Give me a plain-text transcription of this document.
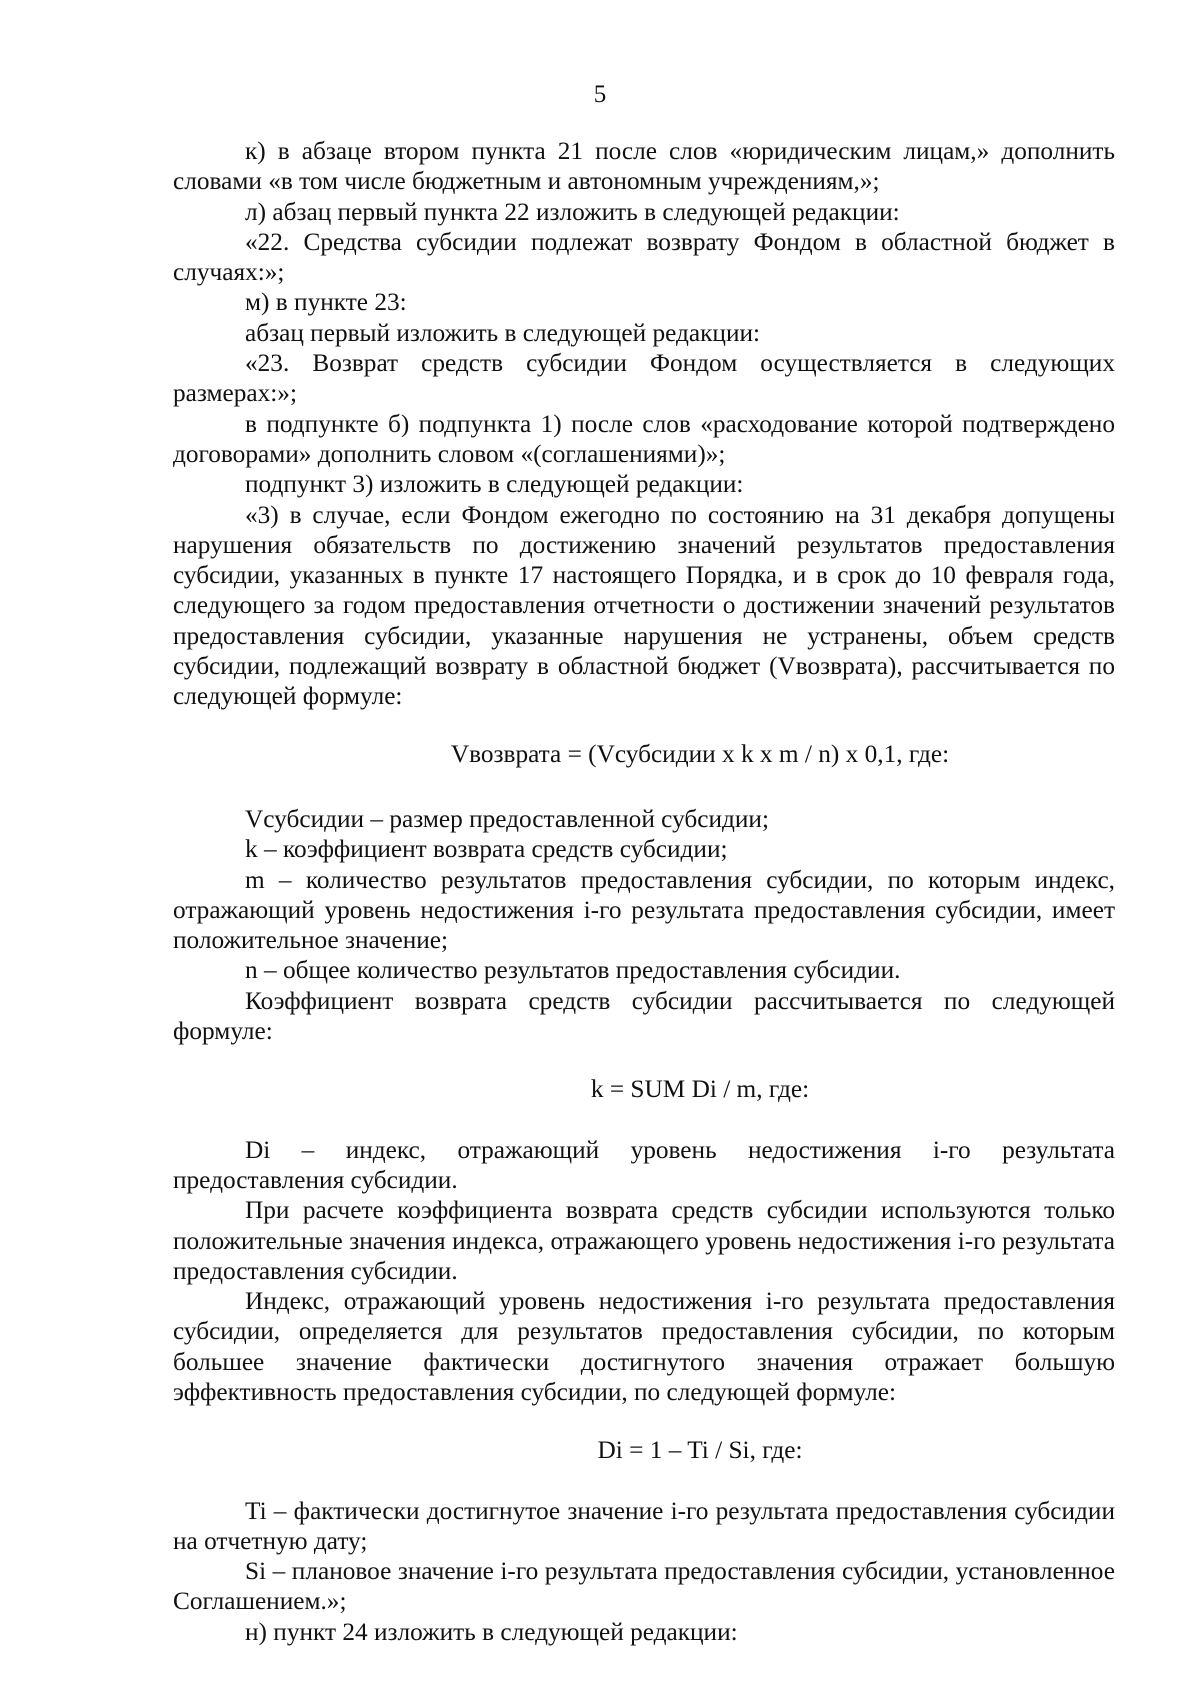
5

к) в абзаце втором пункта 21 после слов «юридическим лицам,» дополнить словами «в том числе бюджетным и автономным учреждениям,»;

л) абзац первый пункта 22 изложить в следующей редакции:

«22. Средства субсидии подлежат возврату Фондом в областной бюджет в случаях:»;

м) в пункте 23:

абзац первый изложить в следующей редакции:

«23. Возврат средств субсидии Фондом осуществляется в следующих размерах:»;

в подпункте б) подпункта 1) после слов «расходование которой подтверждено договорами» дополнить словом «(соглашениями)»;

подпункт 3) изложить в следующей редакции:

«3) в случае, если Фондом ежегодно по состоянию на 31 декабря допущены нарушения обязательств по достижению значений результатов предоставления субсидии, указанных в пункте 17 настоящего Порядка, и в срок до 10 февраля года, следующего за годом предоставления отчетности о достижении значений результатов предоставления субсидии, указанные нарушения не устранены, объем средств субсидии, подлежащий возврату в областной бюджет (Vвозврата), рассчитывается по следующей формуле:

Vвозврата = (Vсубсидии x k x m / n) x 0,1, где:

Vсубсидии – размер предоставленной субсидии;

k – коэффициент возврата средств субсидии;

m – количество результатов предоставления субсидии, по которым индекс, отражающий уровень недостижения i-го результата предоставления субсидии, имеет положительное значение;

n – общее количество результатов предоставления субсидии.

Коэффициент возврата средств субсидии рассчитывается по следующей формуле:

k = SUM Di / m, где:

Di – индекс, отражающий уровень недостижения i-го результата предоставления субсидии.

При расчете коэффициента возврата средств субсидии используются только положительные значения индекса, отражающего уровень недостижения i-го результата предоставления субсидии.

Индекс, отражающий уровень недостижения i-го результата предоставления субсидии, определяется для результатов предоставления субсидии, по которым большее значение фактически достигнутого значения отражает большую эффективность предоставления субсидии, по следующей формуле:

Di = 1 – Ti / Si, где:

Ti – фактически достигнутое значение i-го результата предоставления субсидии на отчетную дату;

Si – плановое значение i-го результата предоставления субсидии, установленное Соглашением.»;

н) пункт 24 изложить в следующей редакции:
